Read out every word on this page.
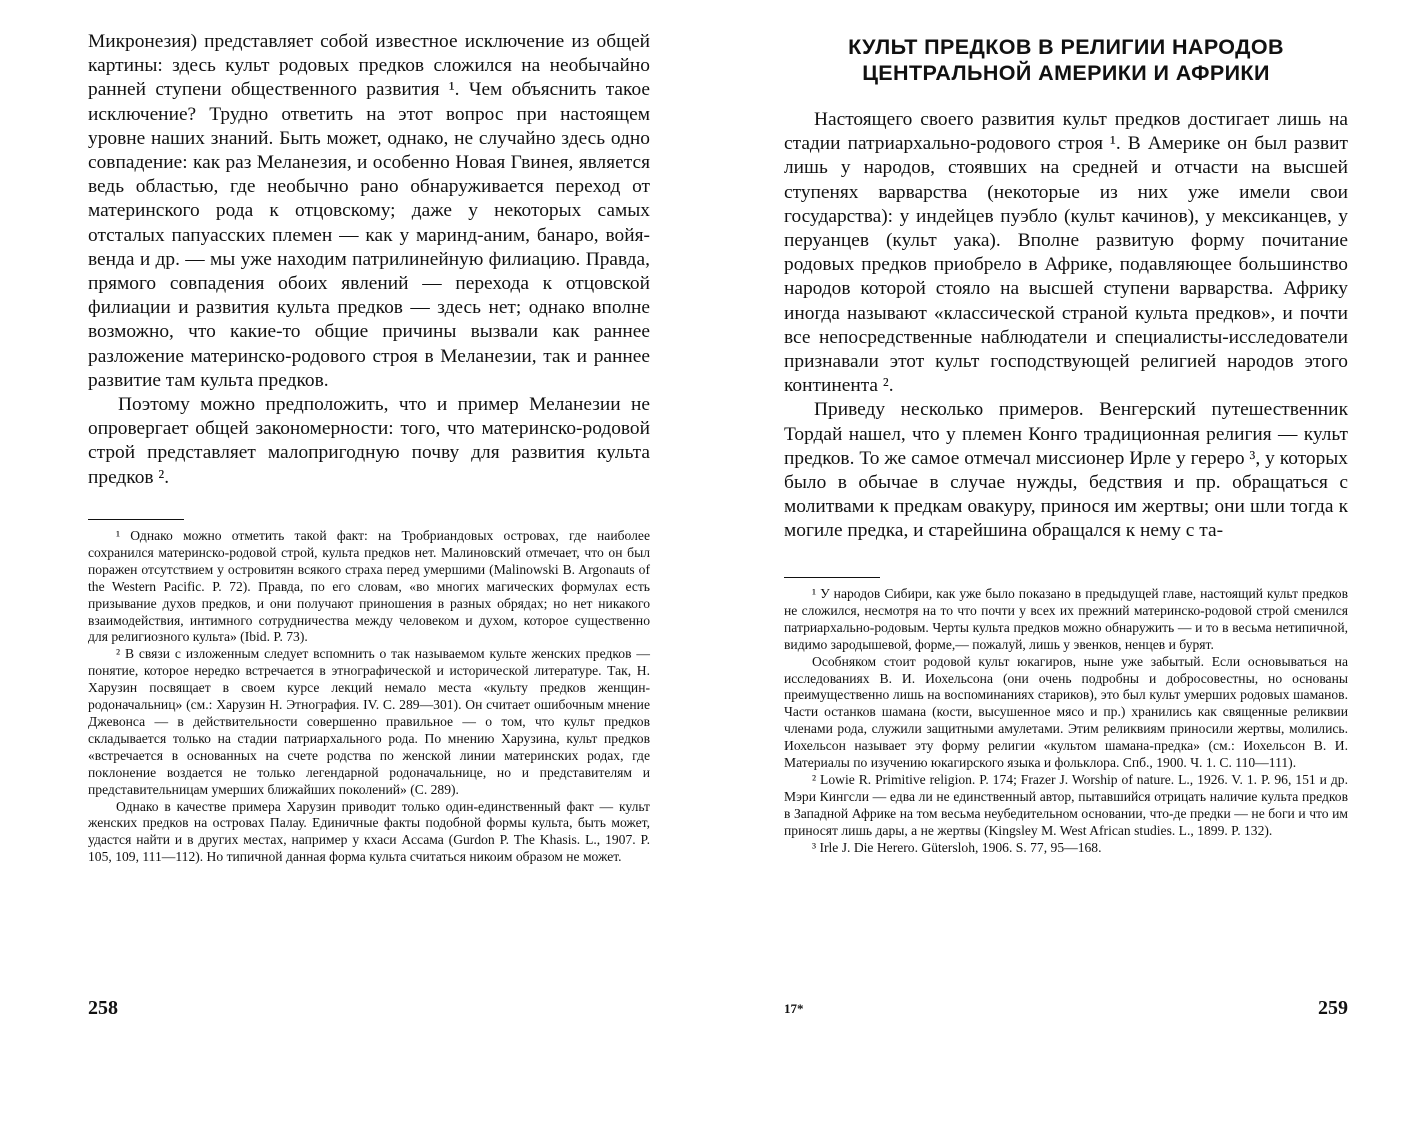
Микронезия) представляет собой известное исключение из общей картины: здесь культ родовых предков сложился на необычайно ранней ступени общественного развития ¹. Чем объяснить такое исключение? Трудно ответить на этот вопрос при настоящем уровне наших знаний. Быть может, однако, не случайно здесь одно совпадение: как раз Меланезия, и особенно Новая Гвинея, является ведь областью, где необычно рано обнаруживается переход от материнского рода к отцовскому; даже у некоторых самых отсталых папуасских племен — как у маринд-аним, банаро, войя-венда и др. — мы уже находим патрилинейную филиацию. Правда, прямого совпадения обоих явлений — перехода к отцовской филиации и развития культа предков — здесь нет; однако вполне возможно, что какие-то общие причины вызвали как раннее разложение материнско-родового строя в Меланезии, так и раннее развитие там культа предков.

Поэтому можно предположить, что и пример Меланезии не опровергает общей закономерности: того, что материнско-родовой строй представляет малопригодную почву для развития культа предков ².

¹ Однако можно отметить такой факт: на Тробриандовых островах, где наиболее сохранился материнско-родовой строй, культа предков нет. Малиновский отмечает, что он был поражен отсутствием у островитян всякого страха перед умершими (Malinowski B. Argonauts of the Western Pacific. P. 72). Правда, по его словам, «во многих магических формулах есть призывание духов предков, и они получают приношения в разных обрядах; но нет никакого взаимодействия, интимного сотрудничества между человеком и духом, которое существенно для религиозного культа» (Ibid. P. 73).

² В связи с изложенным следует вспомнить о так называемом культе женских предков — понятие, которое нередко встречается в этнографической и исторической литературе. Так, Н. Харузин посвящает в своем курсе лекций немало места «культу предков женщин-родоначальниц» (см.: Харузин Н. Этнография. IV. С. 289—301). Он считает ошибочным мнение Джевонса — в действительности совершенно правильное — о том, что культ предков складывается только на стадии патриархального рода. По мнению Харузина, культ предков «встречается в основанных на счете родства по женской линии материнских родах, где поклонение воздается не только легендарной родоначальнице, но и представителям и представительницам умерших ближайших поколений» (С. 289).

Однако в качестве примера Харузин приводит только один-единственный факт — культ женских предков на островах Палау. Единичные факты подобной формы культа, быть может, удастся найти и в других местах, например у кхаси Ассама (Gurdon P. The Khasis. L., 1907. P. 105, 109, 111—112). Но типичной данная форма культа считаться никоим образом не может.

258
КУЛЬТ ПРЕДКОВ В РЕЛИГИИ НАРОДОВ
ЦЕНТРАЛЬНОЙ АМЕРИКИ И АФРИКИ

Настоящего своего развития культ предков достигает лишь на стадии патриархально-родового строя ¹. В Америке он был развит лишь у народов, стоявших на средней и отчасти на высшей ступенях варварства (некоторые из них уже имели свои государства): у индейцев пуэбло (культ качинов), у мексиканцев, у перуанцев (культ уака). Вполне развитую форму почитание родовых предков приобрело в Африке, подавляющее большинство народов которой стояло на высшей ступени варварства. Африку иногда называют «классической страной культа предков», и почти все непосредственные наблюдатели и специалисты-исследователи признавали этот культ господствующей религией народов этого континента ².

Приведу несколько примеров. Венгерский путешественник Тордай нашел, что у племен Конго традиционная религия — культ предков. То же самое отмечал миссионер Ирле у гереро ³, у которых было в обычае в случае нужды, бедствия и пр. обращаться с молитвами к предкам овакуру, принося им жертвы; они шли тогда к могиле предка, и старейшина обращался к нему с та-

¹ У народов Сибири, как уже было показано в предыдущей главе, настоящий культ предков не сложился, несмотря на то что почти у всех их прежний материнско-родовой строй сменился патриархально-родовым. Черты культа предков можно обнаружить — и то в весьма нетипичной, видимо зародышевой, форме,— пожалуй, лишь у эвенков, ненцев и бурят.

Особняком стоит родовой культ юкагиров, ныне уже забытый. Если основываться на исследованиях В. И. Иохельсона (они очень подробны и добросовестны, но основаны преимущественно лишь на воспоминаниях стариков), это был культ умерших родовых шаманов. Части останков шамана (кости, высушенное мясо и пр.) хранились как священные реликвии членами рода, служили защитными амулетами. Этим реликвиям приносили жертвы, молились. Иохельсон называет эту форму религии «культом шамана-предка» (см.: Иохельсон В. И. Материалы по изучению юкагирского языка и фольклора. Спб., 1900. Ч. 1. С. 110—111).

² Lowie R. Primitive religion. P. 174; Frazer J. Worship of nature. L., 1926. V. 1. P. 96, 151 и др. Мэри Кингсли — едва ли не единственный автор, пытавшийся отрицать наличие культа предков в Западной Африке на том весьма неубедительном основании, что-де предки — не боги и что им приносят лишь дары, а не жертвы (Kingsley M. West African studies. L., 1899. P. 132).

³ Irle J. Die Herero. Gütersloh, 1906. S. 77, 95—168.

17*	259
